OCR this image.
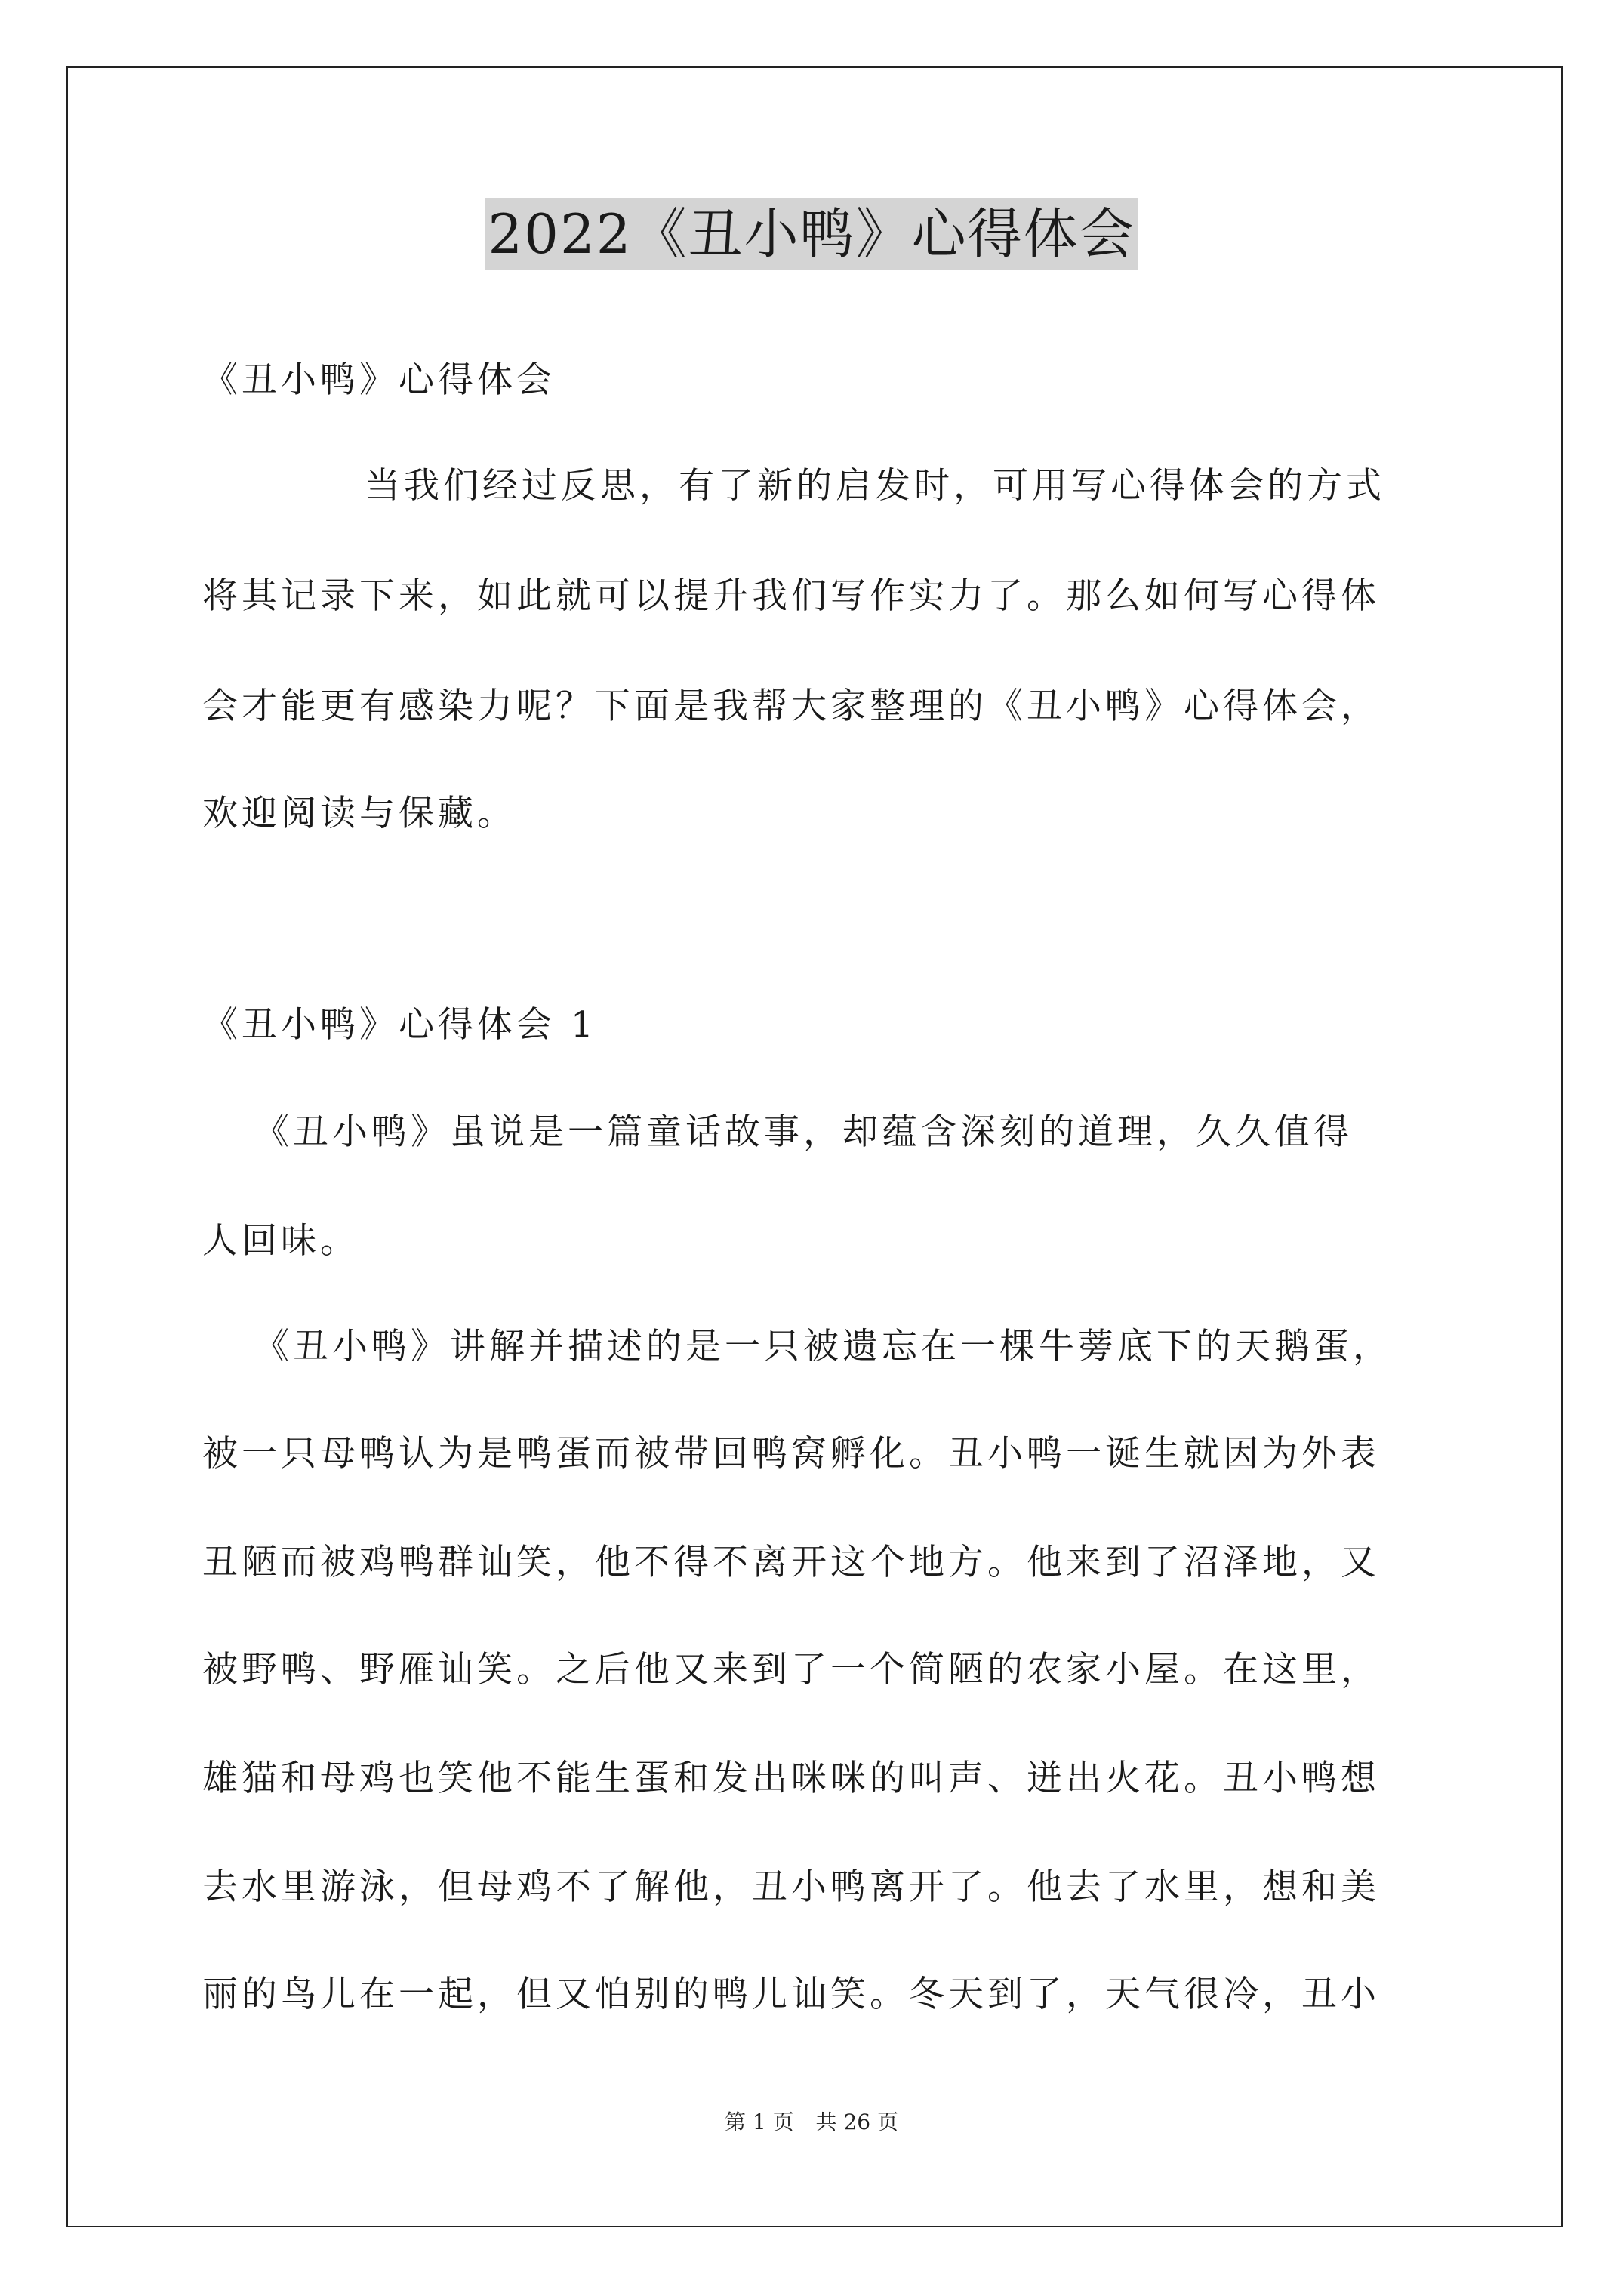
2022《丑小鸭》心得体会
《丑小鸭》心得体会
当我们经过反思，有了新的启发时，可用写心得体会的方式
将其记录下来，如此就可以提升我们写作实力了。那么如何写心得体
会才能更有感染力呢？下面是我帮大家整理的《丑小鸭》心得体会，
欢迎阅读与保藏。
《丑小鸭》心得体会 1
《丑小鸭》虽说是一篇童话故事，却蕴含深刻的道理，久久值得
人回味。
《丑小鸭》讲解并描述的是一只被遗忘在一棵牛蒡底下的天鹅蛋，
被一只母鸭认为是鸭蛋而被带回鸭窝孵化。丑小鸭一诞生就因为外表
丑陋而被鸡鸭群讪笑，他不得不离开这个地方。他来到了沼泽地，又
被野鸭、野雁讪笑。之后他又来到了一个简陋的农家小屋。在这里，
雄猫和母鸡也笑他不能生蛋和发出咪咪的叫声、迸出火花。丑小鸭想
去水里游泳，但母鸡不了解他，丑小鸭离开了。他去了水里，想和美
丽的鸟儿在一起，但又怕别的鸭儿讪笑。冬天到了，天气很冷，丑小
第 1 页 共 26 页
